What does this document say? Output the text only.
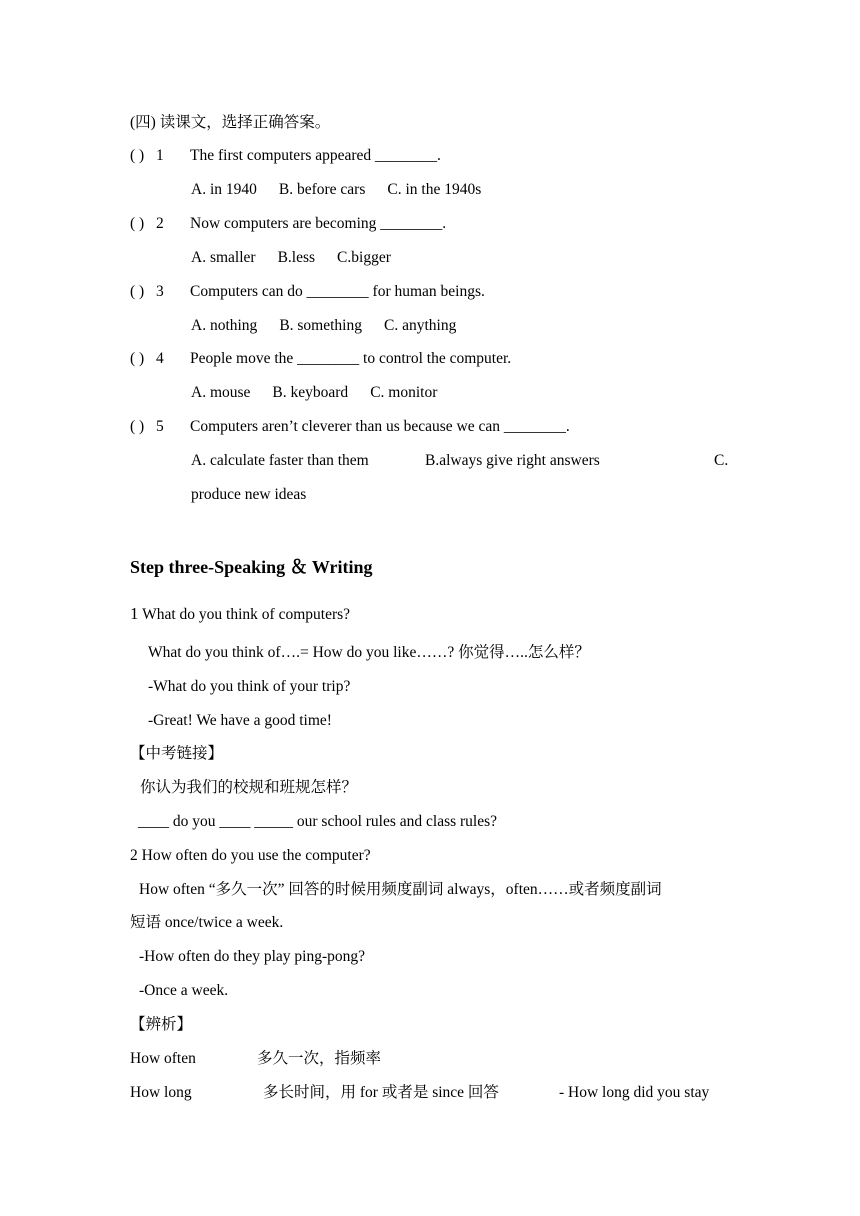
(四) 读课文，选择正确答案。
( ) 1 The first computers appeared ________.
A. in 1940 B. before cars C. in the 1940s
( ) 2 Now computers are becoming ________.
A. smaller B.less C.bigger
( ) 3 Computers can do ________ for human beings.
A. nothing B. something C. anything
( ) 4 People move the ________ to control the computer.
A. mouse B. keyboard C. monitor
( ) 5 Computers aren’t cleverer than us because we can ________.
A. calculate faster than them	B.always give right answers	C.
produce new ideas
Step three-Speaking ＆ Writing
1 What do you think of computers?
What do you think of….= How do you like……? 你觉得…..怎么样？
-What do you think of your trip?
-Great! We have a good time!
【中考链接】
你认为我们的校规和班规怎样？
____ do you ____ _____ our school rules and class rules?
2 How often do you use the computer?
How often “多久一次” 回答的时候用频度副词 always，often……或者频度副词
短语 once/twice a week.
-How often do they play ping-pong?
-Once a week.
【辨析】
How often	多久一次，指频率
How long	多长时间，用 for 或者是 since 回答	- How long did you stay
